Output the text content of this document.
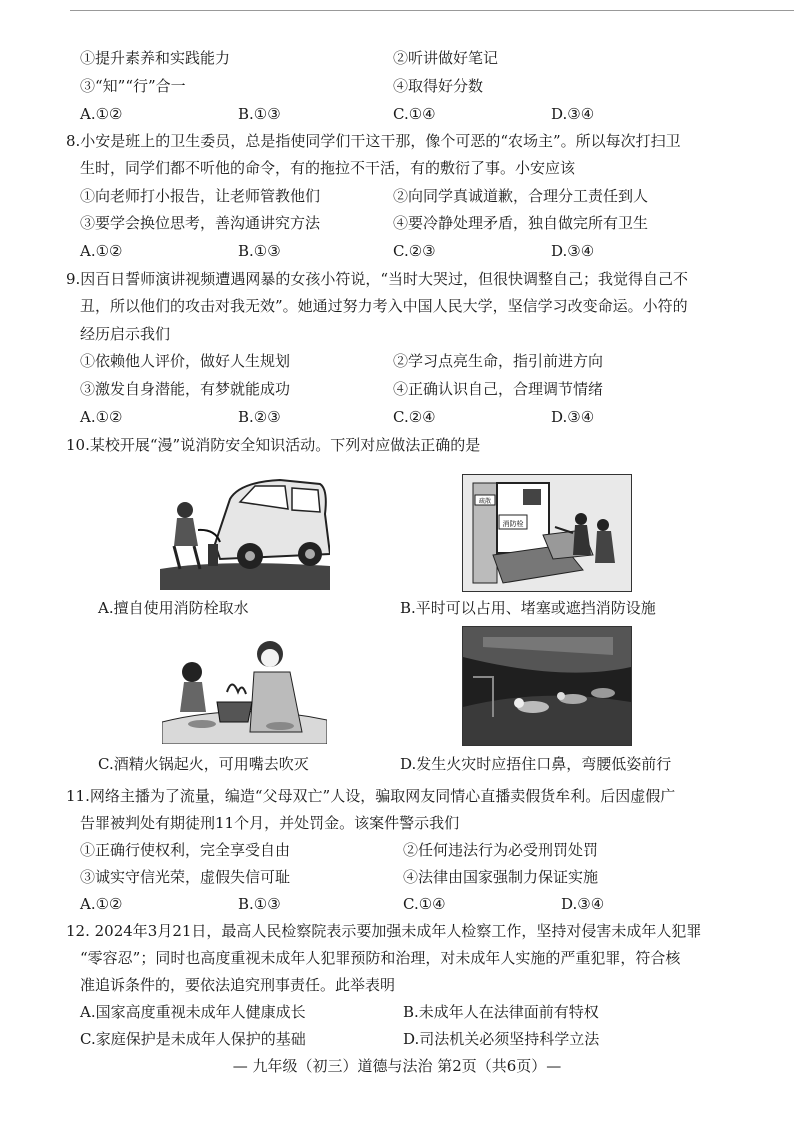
①提升素养和实践能力	②听讲做好笔记
③“知”“行”合一	④取得好分数
A.①②	B.①③	C.①④	D.③④
8.小安是班上的卫生委员，总是指使同学们干这干那，像个可恶的“农场主”。所以每次打扫卫
生时，同学们都不听他的命令，有的拖拉不干活，有的敷衍了事。小安应该
①向老师打小报告，让老师管教他们	②向同学真诚道歉，合理分工责任到人
③要学会换位思考，善沟通讲究方法	④要冷静处理矛盾，独自做完所有卫生
A.①②	B.①③	C.②③	D.③④
9.因百日誓师演讲视频遭遇网暴的女孩小符说，“当时大哭过，但很快调整自己；我觉得自己不
丑，所以他们的攻击对我无效”。她通过努力考入中国人民大学，坚信学习改变命运。小符的
经历启示我们
①依赖他人评价，做好人生规划	②学习点亮生命，指引前进方向
③激发自身潜能，有梦就能成功	④正确认识自己，合理调节情绪
A.①②	B.②③	C.②④	D.③④
10.某校开展“漫”说消防安全知识活动。下列对应做法正确的是
消防栓
疏散
A.擅自使用消防栓取水	B.平时可以占用、堵塞或遮挡消防设施
C.酒精火锅起火，可用嘴去吹灭	D.发生火灾时应捂住口鼻，弯腰低姿前行
11.网络主播为了流量，编造“父母双亡”人设，骗取网友同情心直播卖假货牟利。后因虚假广
告罪被判处有期徒刑11个月，并处罚金。该案件警示我们
①正确行使权利，完全享受自由	②任何违法行为必受刑罚处罚
③诚实守信光荣，虚假失信可耻	④法律由国家强制力保证实施
A.①②	B.①③	C.①④	D.③④
12. 2024年3月21日，最高人民检察院表示要加强未成年人检察工作，坚持对侵害未成年人犯罪
“零容忍”；同时也高度重视未成年人犯罪预防和治理，对未成年人实施的严重犯罪，符合核
准追诉条件的，要依法追究刑事责任。此举表明
A.国家高度重视未成年人健康成长	B.未成年人在法律面前有特权
C.家庭保护是未成年人保护的基础	D.司法机关必须坚持科学立法
— 九年级（初三）道德与法治 第2页（共6页）—
